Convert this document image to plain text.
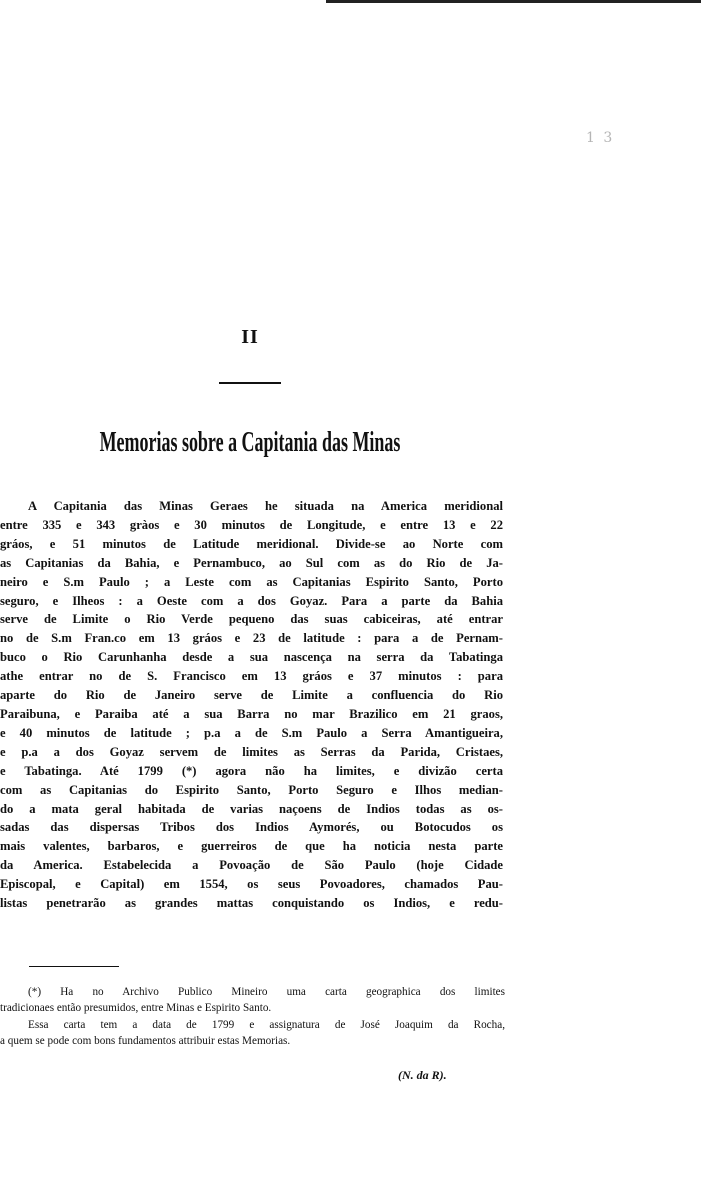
1 3
II
Memorias sobre a Capitania das Minas
A Capitania das Minas Geraes he situada na America meridional
entre 335 e 343 gràos e 30 minutos de Longitude, e entre 13 e 22
gráos, e 51 minutos de Latitude meridional. Divide-se ao Norte com
as Capitanias da Bahia, e Pernambuco, ao Sul com as do Rio de Ja-
neiro e S.m Paulo ; a Leste com as Capitanias Espirito Santo, Porto
seguro, e Ilheos : a Oeste com a dos Goyaz. Para a parte da Bahia
serve de Limite o Rio Verde pequeno das suas cabiceiras, até entrar
no de S.m Fran.co em 13 gráos e 23 de latitude : para a de Pernam-
buco o Rio Carunhanha desde a sua nascença na serra da Tabatinga
athe entrar no de S. Francisco em 13 gráos e 37 minutos : para
aparte do Rio de Janeiro serve de Limite a confluencia do Rio
Paraibuna, e Paraiba até a sua Barra no mar Brazilico em 21 graos,
e 40 minutos de latitude ; p.a a de S.m Paulo a Serra Amantigueira,
e p.a a dos Goyaz servem de limites as Serras da Parida, Cristaes,
e Tabatinga. Até 1799 (*) agora não ha limites, e divizão certa
com as Capitanias do Espirito Santo, Porto Seguro e Ilhos median-
do a mata geral habitada de varias naçoens de Indios todas as os-
sadas das dispersas Tribos dos Indios Aymorés, ou Botocudos os
mais valentes, barbaros, e guerreiros de que ha noticia nesta parte
da America. Estabelecida a Povoação de São Paulo (hoje Cidade
Episcopal, e Capital) em 1554, os seus Povoadores, chamados Pau-
listas penetrarão as grandes mattas conquistando os Indios, e redu-
(*) Ha no Archivo Publico Mineiro uma carta geographica dos limites
tradicionaes então presumidos, entre Minas e Espirito Santo.
Essa carta tem a data de 1799 e assignatura de José Joaquim da Rocha,
a quem se pode com bons fundamentos attribuir estas Memorias.
(N. da R).
